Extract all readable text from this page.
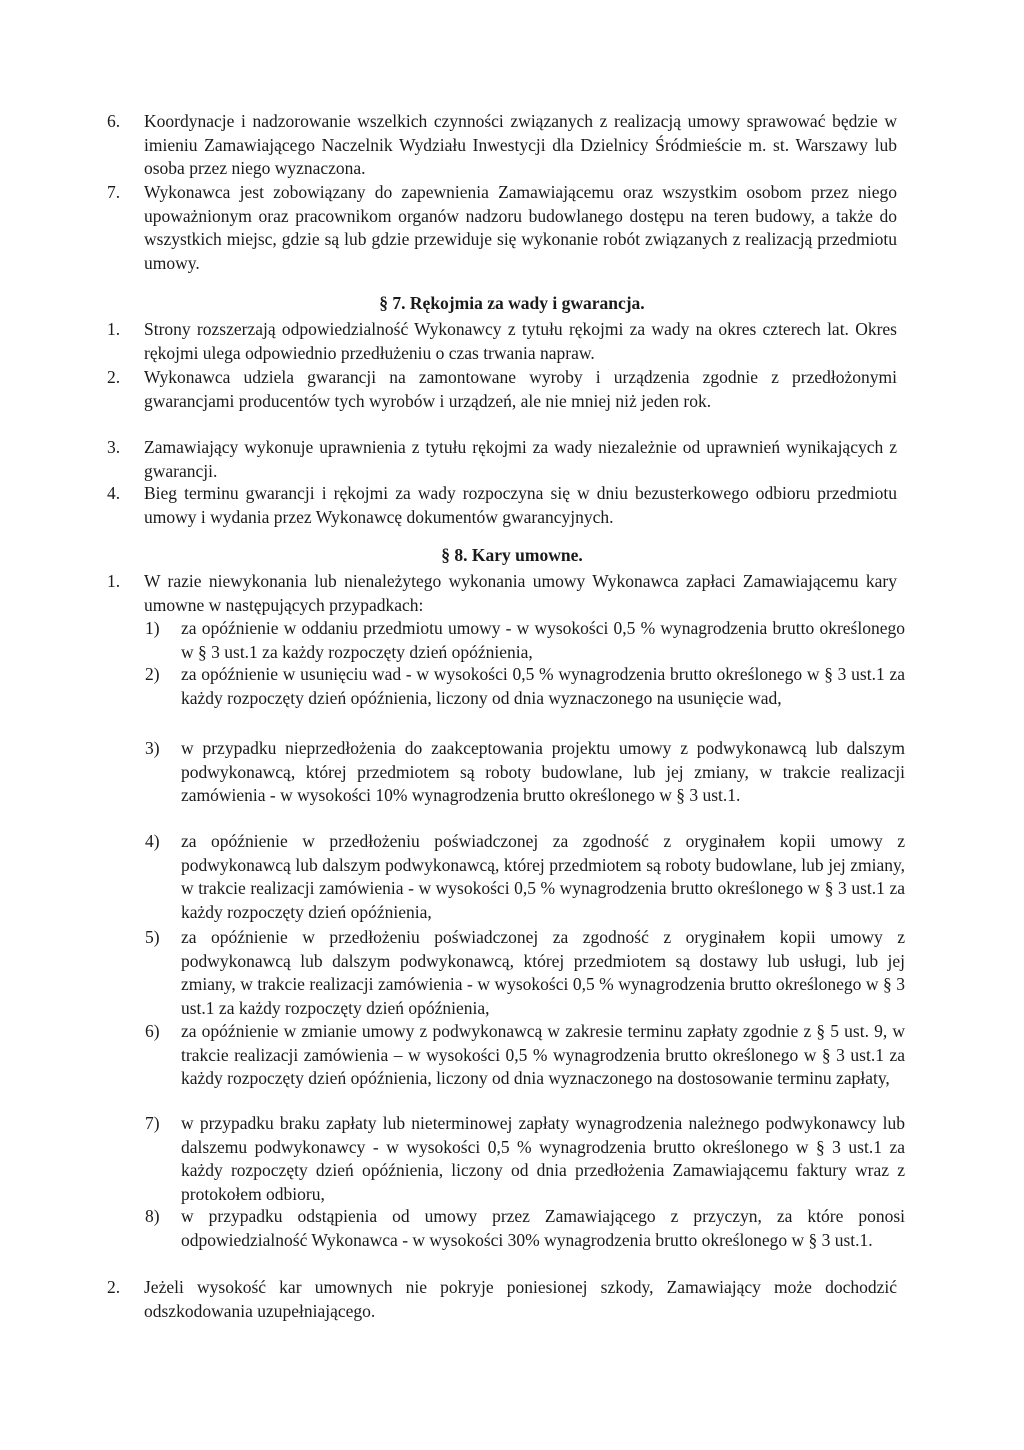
6. Koordynacje i nadzorowanie wszelkich czynności związanych z realizacją umowy sprawować będzie w imieniu Zamawiającego Naczelnik Wydziału Inwestycji dla Dzielnicy Śródmieście m. st. Warszawy lub osoba przez niego wyznaczona.
7. Wykonawca jest zobowiązany do zapewnienia Zamawiającemu oraz wszystkim osobom przez niego upoważnionym oraz pracownikom organów nadzoru budowlanego dostępu na teren budowy, a także do wszystkich miejsc, gdzie są lub gdzie przewiduje się wykonanie robót związanych z realizacją przedmiotu umowy.
§ 7. Rękojmia za wady i gwarancja.
1. Strony rozszerzają odpowiedzialność Wykonawcy z tytułu rękojmi za wady na okres czterech lat. Okres rękojmi ulega odpowiednio przedłużeniu o czas trwania napraw.
2. Wykonawca udziela gwarancji na zamontowane wyroby i urządzenia zgodnie z przedłożonymi gwarancjami producentów tych wyrobów i urządzeń, ale nie mniej niż jeden rok.
3. Zamawiający wykonuje uprawnienia z tytułu rękojmi za wady niezależnie od uprawnień wynikających z gwarancji.
4. Bieg terminu gwarancji i rękojmi za wady rozpoczyna się w dniu bezusterkowego odbioru przedmiotu umowy i wydania przez Wykonawcę dokumentów gwarancyjnych.
§ 8. Kary umowne.
1. W razie niewykonania lub nienależytego wykonania umowy Wykonawca zapłaci Zamawiającemu kary umowne w następujących przypadkach:
1) za opóźnienie w oddaniu przedmiotu umowy - w wysokości 0,5 % wynagrodzenia brutto określonego w § 3 ust.1 za każdy rozpoczęty dzień opóźnienia,
2) za opóźnienie w usunięciu wad - w wysokości 0,5 % wynagrodzenia brutto określonego w § 3 ust.1 za każdy rozpoczęty dzień opóźnienia, liczony od dnia wyznaczonego na usunięcie wad,
3) w przypadku nieprzedłożenia do zaakceptowania projektu umowy z podwykonawcą lub dalszym podwykonawcą, której przedmiotem są roboty budowlane, lub jej zmiany, w trakcie realizacji zamówienia - w wysokości 10% wynagrodzenia brutto określonego w § 3 ust.1.
4) za opóźnienie w przedłożeniu poświadczonej za zgodność z oryginałem kopii umowy z podwykonawcą lub dalszym podwykonawcą, której przedmiotem są roboty budowlane, lub jej zmiany, w trakcie realizacji zamówienia - w wysokości 0,5 % wynagrodzenia brutto określonego w § 3 ust.1 za każdy rozpoczęty dzień opóźnienia,
5) za opóźnienie w przedłożeniu poświadczonej za zgodność z oryginałem kopii umowy z podwykonawcą lub dalszym podwykonawcą, której przedmiotem są dostawy lub usługi, lub jej zmiany, w trakcie realizacji zamówienia - w wysokości 0,5 % wynagrodzenia brutto określonego w § 3 ust.1 za każdy rozpoczęty dzień opóźnienia,
6) za opóźnienie w zmianie umowy z podwykonawcą w zakresie terminu zapłaty zgodnie z § 5 ust. 9, w trakcie realizacji zamówienia – w wysokości 0,5 % wynagrodzenia brutto określonego w § 3 ust.1 za każdy rozpoczęty dzień opóźnienia, liczony od dnia wyznaczonego na dostosowanie terminu zapłaty,
7) w przypadku braku zapłaty lub nieterminowej zapłaty wynagrodzenia należnego podwykonawcy lub dalszemu podwykonawcy - w wysokości 0,5 % wynagrodzenia brutto określonego w § 3 ust.1 za każdy rozpoczęty dzień opóźnienia, liczony od dnia przedłożenia Zamawiającemu faktury wraz z protokołem odbioru,
8) w przypadku odstąpienia od umowy przez Zamawiającego z przyczyn, za które ponosi odpowiedzialność Wykonawca - w wysokości 30% wynagrodzenia brutto określonego w § 3 ust.1.
2. Jeżeli wysokość kar umownych nie pokryje poniesionej szkody, Zamawiający może dochodzić odszkodowania uzupełniającego.
